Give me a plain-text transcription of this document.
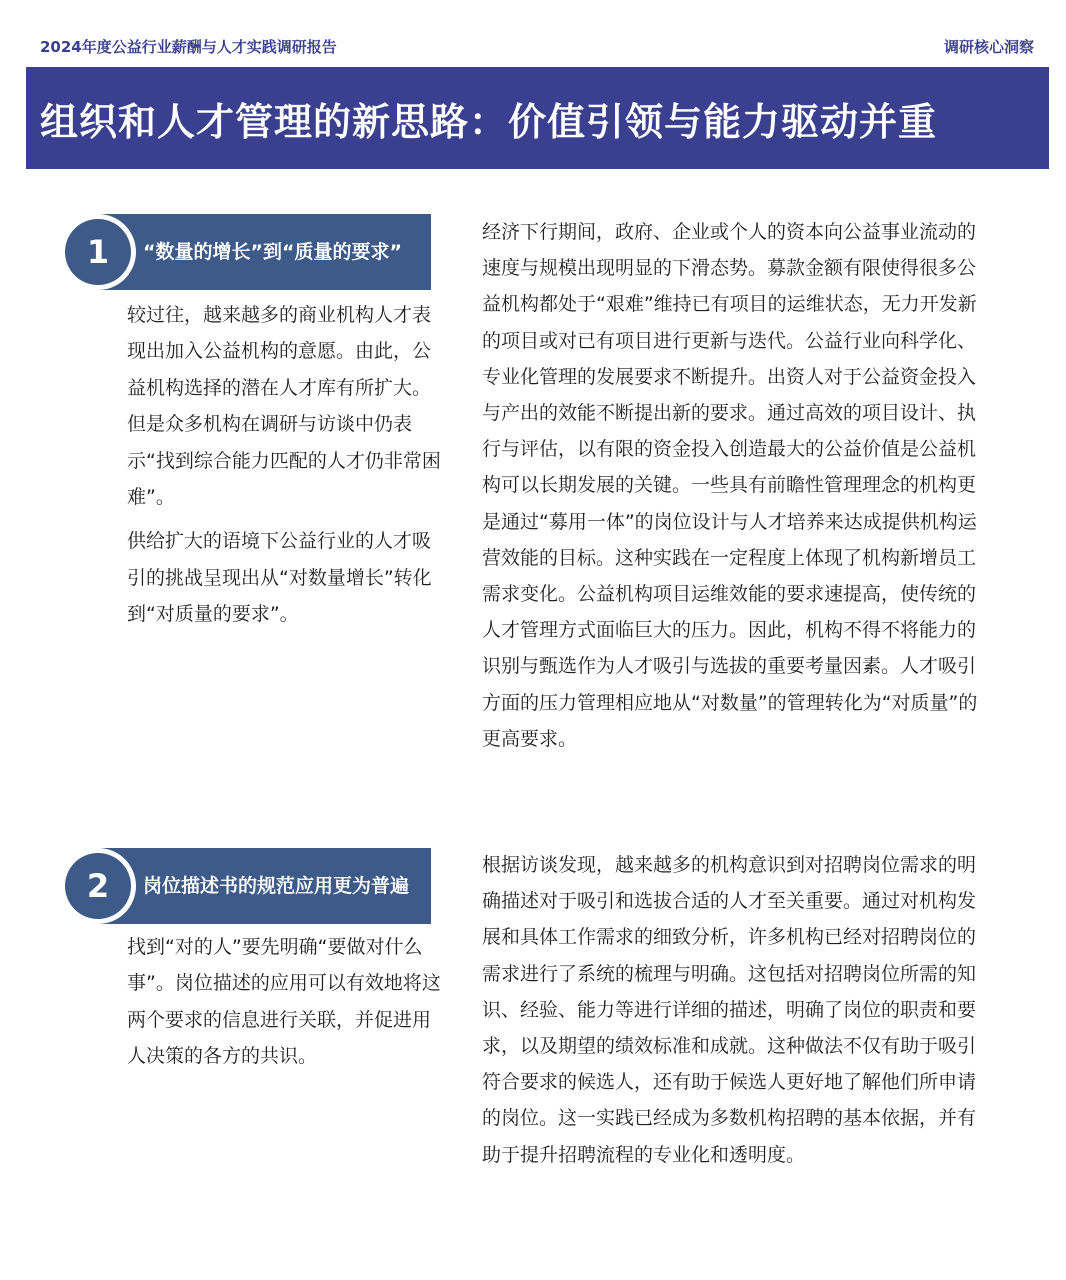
2024年度公益行业薪酬与人才实践调研报告	调研核心洞察
组织和人才管理的新思路：价值引领与能力驱动并重
“数量的增长”到“质量的要求”
1

较过往，越来越多的商业机构人才表现出加入公益机构的意愿。由此，公益机构选择的潜在人才库有所扩大。但是众多机构在调研与访谈中仍表示“找到综合能力匹配的人才仍非常困难”。

供给扩大的语境下公益行业的人才吸引的挑战呈现出从“对数量增长”转化到“对质量的要求”。

经济下行期间，政府、企业或个人的资本向公益事业流动的速度与规模出现明显的下滑态势。募款金额有限使得很多公益机构都处于“艰难”维持已有项目的运维状态，无力开发新的项目或对已有项目进行更新与迭代。公益行业向科学化、专业化管理的发展要求不断提升。出资人对于公益资金投入与产出的效能不断提出新的要求。通过高效的项目设计、执行与评估，以有限的资金投入创造最大的公益价值是公益机构可以长期发展的关键。一些具有前瞻性管理理念的机构更是通过“募用一体”的岗位设计与人才培养来达成提供机构运营效能的目标。这种实践在一定程度上体现了机构新增员工需求变化。公益机构项目运维效能的要求速提高，使传统的人才管理方式面临巨大的压力。因此，机构不得不将能力的识别与甄选作为人才吸引与选拔的重要考量因素。人才吸引方面的压力管理相应地从“对数量”的管理转化为“对质量”的更高要求。

岗位描述书的规范应用更为普遍
2

找到“对的人”要先明确“要做对什么事”。岗位描述的应用可以有效地将这两个要求的信息进行关联，并促进用人决策的各方的共识。

根据访谈发现，越来越多的机构意识到对招聘岗位需求的明确描述对于吸引和选拔合适的人才至关重要。通过对机构发展和具体工作需求的细致分析，许多机构已经对招聘岗位的需求进行了系统的梳理与明确。这包括对招聘岗位所需的知识、经验、能力等进行详细的描述，明确了岗位的职责和要求，以及期望的绩效标准和成就。这种做法不仅有助于吸引符合要求的候选人，还有助于候选人更好地了解他们所申请的岗位。这一实践已经成为多数机构招聘的基本依据，并有助于提升招聘流程的专业化和透明度。
